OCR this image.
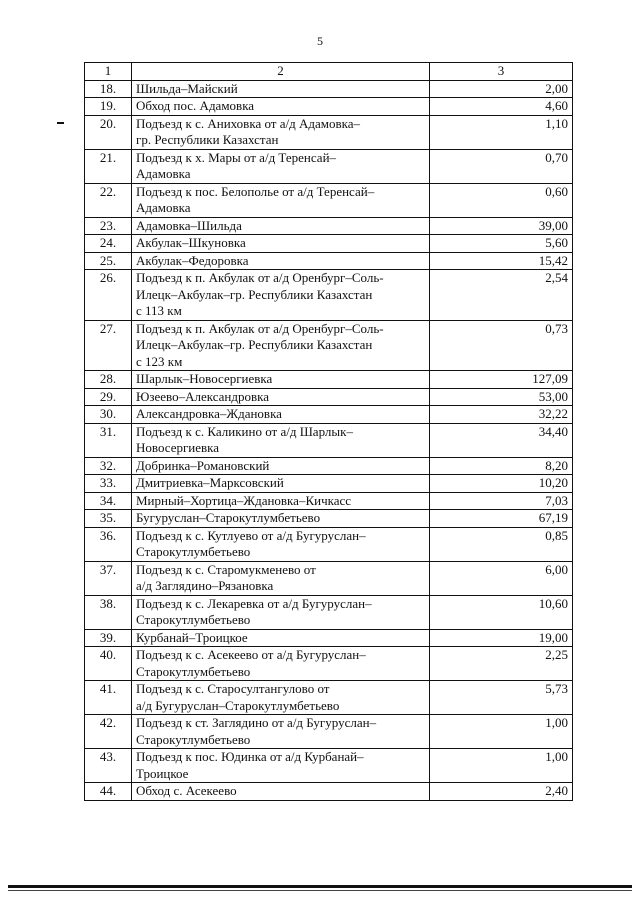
5
1	2	3
18.	Шильда–Майский	2,00
19.	Обход пос. Адамовка	4,60
20.	Подъезд к с. Аниховка от а/д Адамовка–
гр. Республики Казахстан	1,10
21.	Подъезд к х. Мары от а/д Теренсай–
Адамовка	0,70
22.	Подъезд к пос. Белополье от а/д Теренсай–
Адамовка	0,60
23.	Адамовка–Шильда	39,00
24.	Акбулак–Шкуновка	5,60
25.	Акбулак–Федоровка	15,42
26.	Подъезд к п. Акбулак от а/д Оренбург–Соль-
Илецк–Акбулак–гр. Республики Казахстан
с 113 км	2,54
27.	Подъезд к п. Акбулак от а/д Оренбург–Соль-
Илецк–Акбулак–гр. Республики Казахстан
с 123 км	0,73
28.	Шарлык–Новосергиевка	127,09
29.	Юзеево–Александровка	53,00
30.	Александровка–Ждановка	32,22
31.	Подъезд к с. Каликино от а/д Шарлык–
Новосергиевка	34,40
32.	Добринка–Романовский	8,20
33.	Дмитриевка–Марксовский	10,20
34.	Мирный–Хортица–Ждановка–Кичкасс	7,03
35.	Бугуруслан–Старокутлумбетьево	67,19
36.	Подъезд к с. Кутлуево от а/д Бугуруслан–
Старокутлумбетьево	0,85
37.	Подъезд к с. Старомукменево от
а/д Заглядино–Рязановка	6,00
38.	Подъезд к с. Лекаревка от а/д Бугуруслан–
Старокутлумбетьево	10,60
39.	Курбанай–Троицкое	19,00
40.	Подъезд к с. Асекеево от а/д Бугуруслан–
Старокутлумбетьево	2,25
41.	Подъезд к с. Старосултангулово от
а/д Бугуруслан–Старокутлумбетьево	5,73
42.	Подъезд к ст. Заглядино от а/д Бугуруслан–
Старокутлумбетьево	1,00
43.	Подъезд к пос. Юдинка от а/д Курбанай–
Троицкое	1,00
44.	Обход с. Асекеево	2,40
